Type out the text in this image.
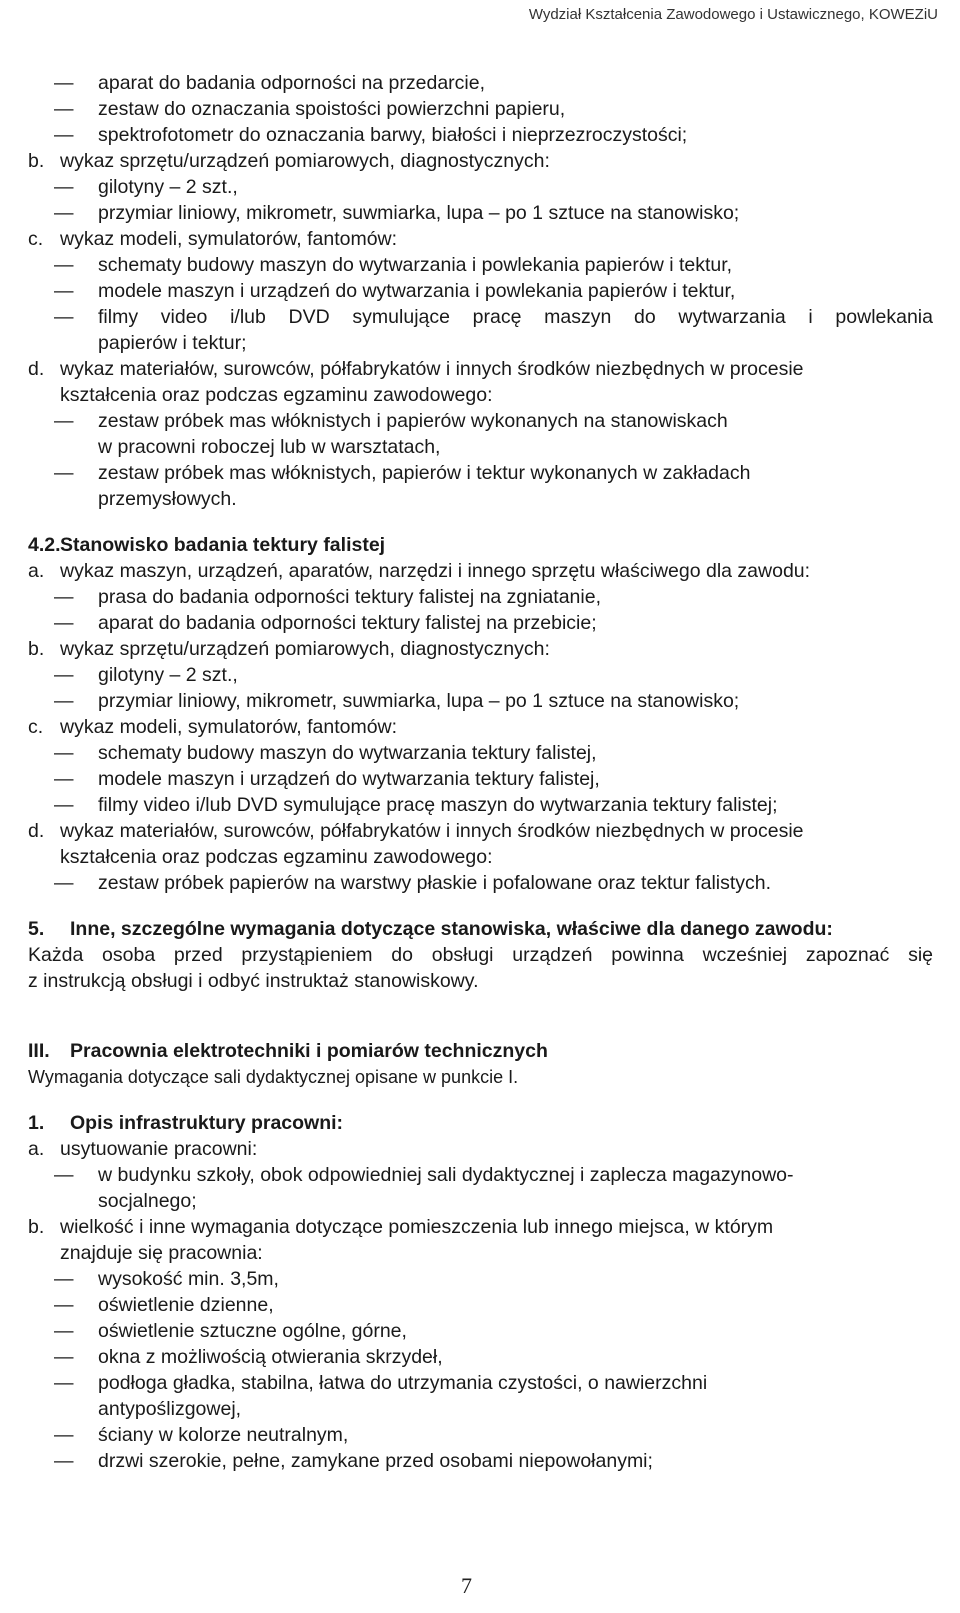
Wydział Kształcenia Zawodowego i Ustawicznego, KOWEZiU
— aparat do badania odporności na przedarcie,
— zestaw do oznaczania spoistości powierzchni papieru,
— spektrofotometr do oznaczania barwy, białości i nieprzezroczystości;
b. wykaz sprzętu/urządzeń pomiarowych, diagnostycznych:
— gilotyny – 2 szt.,
— przymiar liniowy, mikrometr, suwmiarka, lupa – po 1 sztuce na stanowisko;
c. wykaz modeli, symulatorów, fantomów:
— schematy budowy maszyn do wytwarzania i powlekania papierów i tektur,
— modele maszyn i urządzeń do wytwarzania i powlekania papierów i tektur,
— filmy video i/lub DVD symulujące pracę maszyn do wytwarzania i powlekania
papierów i tektur;
d. wykaz materiałów, surowców, półfabrykatów i innych środków niezbędnych w procesie
kształcenia oraz podczas egzaminu zawodowego:
— zestaw próbek mas włóknistych i papierów wykonanych na stanowiskach
w pracowni roboczej lub w warsztatach,
— zestaw próbek mas włóknistych, papierów i tektur wykonanych w zakładach
przemysłowych.
4.2. Stanowisko badania tektury falistej
a. wykaz maszyn, urządzeń, aparatów, narzędzi i innego sprzętu właściwego dla zawodu:
— prasa do badania odporności tektury falistej na zgniatanie,
— aparat do badania odporności tektury falistej na przebicie;
b. wykaz sprzętu/urządzeń pomiarowych, diagnostycznych:
— gilotyny – 2 szt.,
— przymiar liniowy, mikrometr, suwmiarka, lupa – po 1 sztuce na stanowisko;
c. wykaz modeli, symulatorów, fantomów:
— schematy budowy maszyn do wytwarzania tektury falistej,
— modele maszyn i urządzeń do wytwarzania tektury falistej,
— filmy video i/lub DVD symulujące pracę maszyn do wytwarzania tektury falistej;
d. wykaz materiałów, surowców, półfabrykatów i innych środków niezbędnych w procesie
kształcenia oraz podczas egzaminu zawodowego:
— zestaw próbek papierów na warstwy płaskie i pofalowane oraz tektur falistych.
5. Inne, szczególne wymagania dotyczące stanowiska, właściwe dla danego zawodu:
Każda osoba przed przystąpieniem do obsługi urządzeń powinna wcześniej zapoznać się
z instrukcją obsługi i odbyć instruktaż stanowiskowy.
III. Pracownia elektrotechniki i pomiarów technicznych
Wymagania dotyczące sali dydaktycznej opisane w punkcie I.
1. Opis infrastruktury pracowni:
a. usytuowanie pracowni:
— w budynku szkoły, obok odpowiedniej sali dydaktycznej i zaplecza magazynowo-
socjalnego;
b. wielkość i inne wymagania dotyczące pomieszczenia lub innego miejsca, w którym
znajduje się pracownia:
— wysokość min. 3,5m,
— oświetlenie dzienne,
— oświetlenie sztuczne ogólne, górne,
— okna z możliwością otwierania skrzydeł,
— podłoga gładka, stabilna, łatwa do utrzymania czystości, o nawierzchni
antypoślizgowej,
— ściany w kolorze neutralnym,
— drzwi szerokie, pełne, zamykane przed osobami niepowołanymi;
7
